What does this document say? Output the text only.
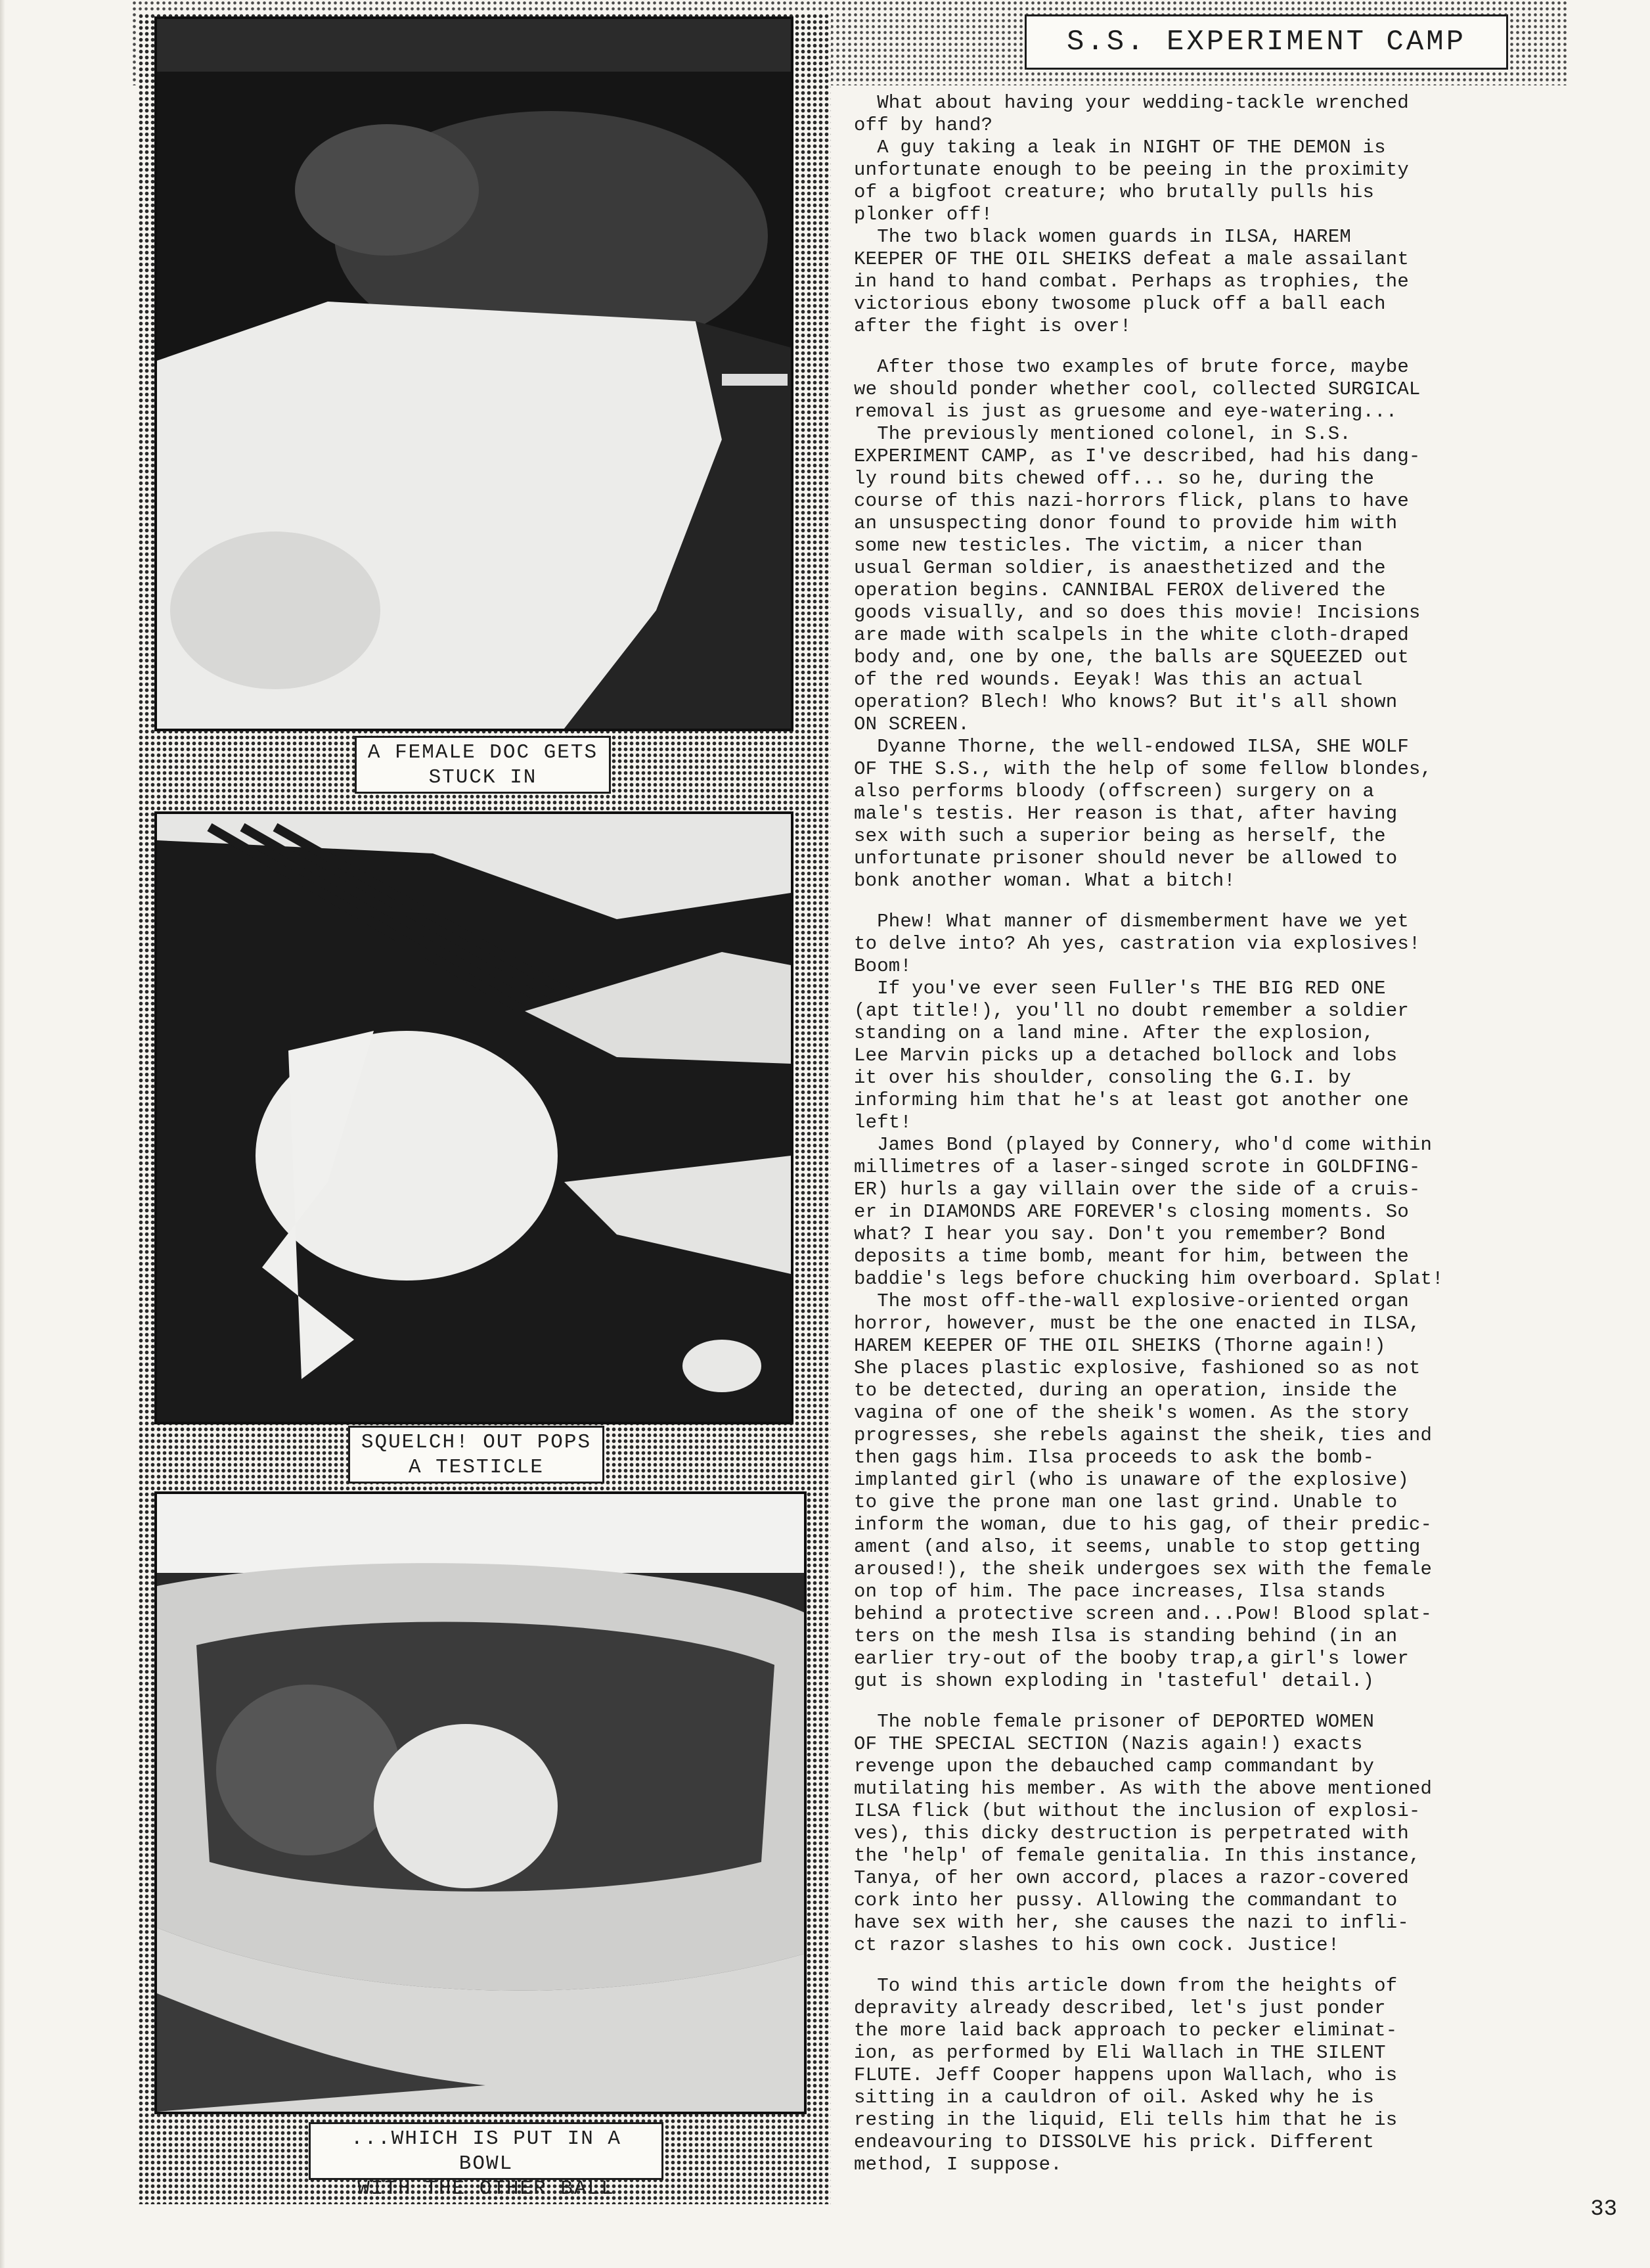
S.S. EXPERIMENT CAMP
A FEMALE DOC GETS
STUCK IN
SQUELCH! OUT POPS
A TESTICLE
...WHICH IS PUT IN A BOWL
WITH THE OTHER BALL

What about having your wedding-tackle wrenched
off by hand?

A guy taking a leak in NIGHT OF THE DEMON is
unfortunate enough to be peeing in the proximity
of a bigfoot creature; who brutally pulls his
plonker off!

The two black women guards in ILSA, HAREM
KEEPER OF THE OIL SHEIKS defeat a male assailant
in hand to hand combat. Perhaps as trophies, the
victorious ebony twosome pluck off a ball each
after the fight is over!

After those two examples of brute force, maybe
we should ponder whether cool, collected SURGICAL
removal is just as gruesome and eye-watering...

The previously mentioned colonel, in S.S.
EXPERIMENT CAMP, as I've described, had his dang-
ly round bits chewed off... so he, during the
course of this nazi-horrors flick, plans to have
an unsuspecting donor found to provide him with
some new testicles. The victim, a nicer than
usual German soldier, is anaesthetized and the
operation begins. CANNIBAL FEROX delivered the
goods visually, and so does this movie! Incisions
are made with scalpels in the white cloth-draped
body and, one by one, the balls are SQUEEZED out
of the red wounds. Eeyak! Was this an actual
operation? Blech! Who knows? But it's all shown
ON SCREEN.

Dyanne Thorne, the well-endowed ILSA, SHE WOLF
OF THE S.S., with the help of some fellow blondes,
also performs bloody (offscreen) surgery on a
male's testis. Her reason is that, after having
sex with such a superior being as herself, the
unfortunate prisoner should never be allowed to
bonk another woman. What a bitch!

Phew! What manner of dismemberment have we yet
to delve into? Ah yes, castration via explosives!
Boom!

If you've ever seen Fuller's THE BIG RED ONE
(apt title!), you'll no doubt remember a soldier
standing on a land mine. After the explosion,
Lee Marvin picks up a detached bollock and lobs
it over his shoulder, consoling the G.I. by
informing him that he's at least got another one
left!

James Bond (played by Connery, who'd come within
millimetres of a laser-singed scrote in GOLDFING-
ER) hurls a gay villain over the side of a cruis-
er in DIAMONDS ARE FOREVER's closing moments. So
what? I hear you say. Don't you remember? Bond
deposits a time bomb, meant for him, between the
baddie's legs before chucking him overboard. Splat!

The most off-the-wall explosive-oriented organ
horror, however, must be the one enacted in ILSA,
HAREM KEEPER OF THE OIL SHEIKS (Thorne again!)
She places plastic explosive, fashioned so as not
to be detected, during an operation, inside the
vagina of one of the sheik's women. As the story
progresses, she rebels against the sheik, ties and
then gags him. Ilsa proceeds to ask the bomb-
implanted girl (who is unaware of the explosive)
to give the prone man one last grind. Unable to
inform the woman, due to his gag, of their predic-
ament (and also, it seems, unable to stop getting
aroused!), the sheik undergoes sex with the female
on top of him. The pace increases, Ilsa stands
behind a protective screen and...Pow! Blood splat-
ters on the mesh Ilsa is standing behind (in an
earlier try-out of the booby trap,a girl's lower
gut is shown exploding in 'tasteful' detail.)

The noble female prisoner of DEPORTED WOMEN
OF THE SPECIAL SECTION (Nazis again!) exacts
revenge upon the debauched camp commandant by
mutilating his member. As with the above mentioned
ILSA flick (but without the inclusion of explosi-
ves), this dicky destruction is perpetrated with
the 'help' of female genitalia. In this instance,
Tanya, of her own accord, places a razor-covered
cork into her pussy. Allowing the commandant to
have sex with her, she causes the nazi to infli-
ct razor slashes to his own cock. Justice!

To wind this article down from the heights of
depravity already described, let's just ponder
the more laid back approach to pecker eliminat-
ion, as performed by Eli Wallach in THE SILENT
FLUTE. Jeff Cooper happens upon Wallach, who is
sitting in a cauldron of oil. Asked why he is
resting in the liquid, Eli tells him that he is
endeavouring to DISSOLVE his prick. Different
method, I suppose.

33
